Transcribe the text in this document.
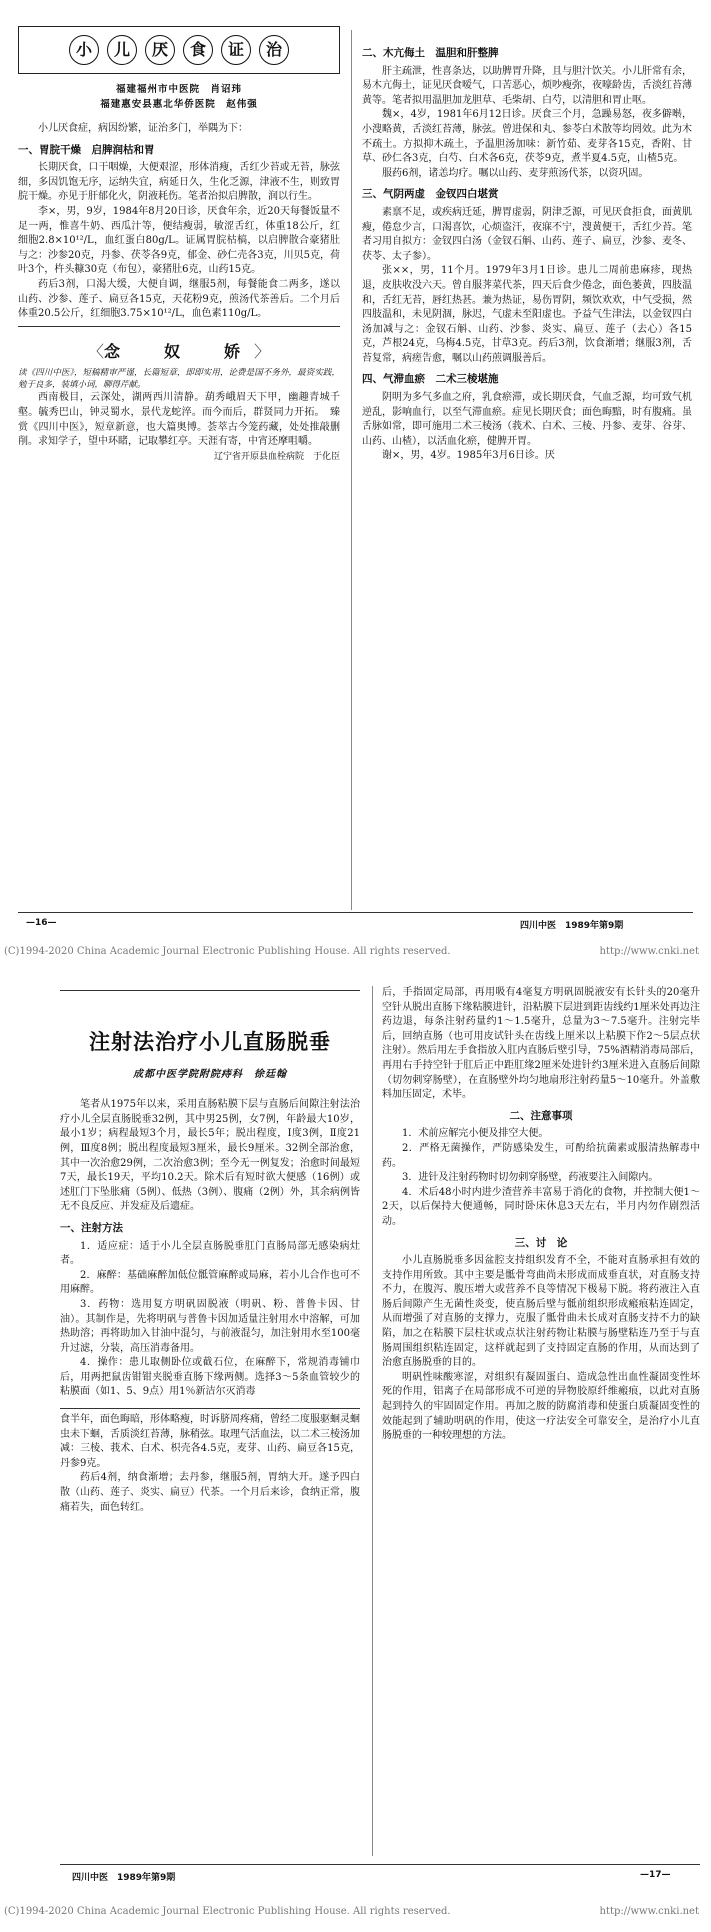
小 儿 厌 食 证 治
福建福州市中医院　肖诏玮
福建惠安县惠北华侨医院　赵伟强

小儿厌食症，病因纷繁，证治多门，举隅为下：

一、胃脘干燥　启脾润枯和胃

长期厌食，口干咽燥，大便艰涩，形体消瘦，舌红少苔或无苔，脉弦细，多因饥饱无序，运纳失宜，病延日久，生化乏源，津液不生，则致胃脘干燥。亦见于肝郁化火，阴液耗伤。笔者治拟启脾散，润以行生。

李×，男，9岁，1984年8月20日诊，厌食年余，近20天每餐饭量不足一两，惟喜牛奶、西瓜汁等，便结瘦弱，敏涩舌红，体重18公斤，红细胞2.8×10¹²/L，血红蛋白80g/L。证属胃脘枯槁，以启脾散合豪猪肚与之：沙参20克，丹参、茯苓各9克，郁金、砂仁壳各3克，川贝5克，荷叶3个，杵头糠30克（布包），豪猪肚6克，山药15克。

药后3剂，口渴大缓，大便自调，继服5剂，每餐能食二两多，遂以山药、沙参、莲子、扁豆各15克，天花粉9克，煎汤代茶善后。二个月后体重20.5公斤，红细胞3.75×10¹²/L，血色素110g/L。

〈念　奴　娇〉

读《四川中医》，短稿精审严谨，长篇短章，即即实用，论费是国不务外，最资实践，勉于良多，装填小词，聊得芹献。

西南极目，云深处，湖两西川清静。葫秀峨眉天下甲，幽趣青城千壑。毓秀巴山，钟灵蜀水，景代龙蛇淬。而今而后，群贤同力开拓。　臻赏《四川中医》，短章新意，也大篇奥博。荟萃古今笼药藏，处处推敲删削。求知学子，望中环睹，记取攀红亭。天涯有寄，中宵还摩咀嚼。

辽宁省开原县血栓病院　于化臣

二、木亢侮土　温胆和肝整脾

肝主疏泄，性喜条达，以助脾胃升降，且与胆汁饮关。小儿肝常有余，易木亢侮土，证见厌食嗳气，口苦恶心，烦吵瘦弥，夜嚎龄齿，舌淡红苔薄黄等。笔者拟用温胆加龙胆草、毛柴胡、白芍，以清胆和胃止呕。

魏×，4岁，1981年6月12日诊。厌食三个月，急躁易怒，夜多僻啭，小溲略黄，舌淡红苔薄，脉弦。曾进保和丸、参苓白术散等均罔效。此为木不疏土。方拟抑木疏土，予温胆汤加味：新竹茹、麦芽各15克，香附、甘草、砂仁各3克，白芍、白术各6克，茯苓9克，煮半夏4.5克，山楂5克。

服药6剂，诸恙均疗。嘱以山药、麦芽煎汤代茶，以资巩固。

三、气阴两虚　金钗四白堪赏

素禀不足，或疾病迁延，脾胃虚弱，阴津乏源，可见厌食拒食，面黄肌瘦，倦怠少言，口渴喜饮，心烦盗汗，夜寐不宁，溲黄便干，舌红少苔。笔者习用自拟方：金钗四白汤（金钗石斛、山药、莲子、扁豆，沙参、麦冬、茯苓、太子参）。

张××，男，11个月。1979年3月1日诊。患儿二周前患麻疹，现热退，皮肤收没六天。曾自服荠菜代茶，四天后食少倦念，面色萎黄，四肢温和，舌红无苔，唇红热甚。兼为热证，易伤胃阴，频饮欢欢，中气受损，然四肢温和，未见阴涸，脉迟，气虚未至阳虚也。予益气生津法，以金钗四白汤加减与之：金钗石斛、山药、沙参、炎实、扁豆、莲子（去心）各15克，芦根24克，乌梅4.5克，甘草3克。药后3剂，饮食渐增；继服3剂，舌苔复常，病瘥告愈，嘱以山药煎调服善后。

四、气滞血瘀　二术三棱堪施

阴明为多气多血之府，乳食瘀滞，或长期厌食，气血乏源，均可致气机逆乱，影响血行，以至气滞血瘀。症见长期厌食；面色晦黯，时有腹痛。虽舌脉如常，即可施用二术三棱汤（莪术、白术、三棱、丹参、麦芽、谷芽、山药、山楂），以活血化瘀，健脾开胃。

谢×，男，4岁。1985年3月6日诊。厌

—16—	四川中医　1989年第9期
(C)1994-2020 China Academic Journal Electronic Publishing House. All rights reserved.	http://www.cnki.net
注射法治疗小儿直肠脱垂
成都中医学院附院痔科　徐廷翰

笔者从1975年以来，采用直肠粘膜下层与直肠后间隙注射法治疗小儿全层直肠脱垂32例，其中男25例，女7例，年龄最大10岁，最小1岁；病程最短3个月，最长5年；脱出程度，Ⅰ度3例，Ⅱ度21例，Ⅲ度8例；脱出程度最短3厘米，最长9厘米。32例全部治愈，其中一次治愈29例，二次治愈3例；至今无一例复发；治愈时间最短7天，最长19天，平均10.2天。除术后有短时欲大便感（16例）或述肛门下坠胀痛（5例）、低热（3例）、腹痛（2例）外，其余病例皆无不良反应、并发症及后遗症。

一、注射方法

1．适应症：适于小儿全层直肠脱垂肛门直肠局部无感染病灶者。

2．麻醉：基础麻醉加低位骶管麻醉或局麻，若小儿合作也可不用麻醉。

3．药物：选用复方明矾固脱液（明矾、粉、普鲁卡因、甘油）。其制作是，先将明矾与普鲁卡因加适量注射用水中溶解，可加热助溶；再将助加入甘油中混匀，与前液混匀，加注射用水至100毫升过滤，分装，高压消毒备用。

4．操作：患儿取侧卧位或截石位，在麻醉下，常规消毒铺巾后，用两把鼠齿钳钳夹脱垂直肠下缘两侧。选择3～5条血管较少的粘膜面（如1、5、9点）用1％新洁尔灭消毒

食半年，面色晦暗，形体略瘦，时诉脐周疼痛，曾经二度服驱蛔灵蛔虫未下蛔，舌质淡红苔薄，脉稍弦。取理气活血法，以二术三棱汤加减：三棱、莪术、白术、枳壳各4.5克，麦芽、山药、扁豆各15克，丹参9克。

药后4剂，纳食渐增；去丹参，继服5剂，胃纳大开。遂予四白散（山药、莲子、炎实、扁豆）代茶。一个月后来诊，食纳正常，腹痛若失，面色转红。

后，手指固定局部，再用吸有4毫复方明矾固脱液安有长针头的20毫升空针从脱出直肠下缘粘膜进针，沿粘膜下层进到距齿线约1厘米处再边注药边退，每条注射药量约1～1.5毫升，总量为3～7.5毫升。注射完毕后，回纳直肠（也可用皮试针头在齿线上厘米以上粘膜下作2～5层点状注射）。然后用左手食指放入肛内直肠后壁引导，75%酒精消毒局部后，再用右手持空针于肛后正中距肛缘2厘米处进针约3厘米进入直肠后间隙（切勿刺穿肠壁），在直肠壁外均匀地扇形注射药量5～10毫升。外盖敷料加压固定，术毕。

二、注意事项

1．术前应解完小便及排空大便。

2．严格无菌操作，严防感染发生，可酌给抗菌素或服清热解毒中药。

3．进针及注射药物时切勿刺穿肠壁，药液要注入间隙内。

4．术后48小时内进少渣营养丰富易于消化的食物，并控制大便1～2天，以后保持大便通畅，同时卧床休息3天左右，半月内勿作剧烈活动。

三、讨　论

小儿直肠脱垂多因盆腔支持组织发育不全，不能对直肠承担有效的支持作用所致。其中主要是骶骨弯曲尚未形成而成垂直状，对直肠支持不力，在腹泻、腹压增大或营养不良等情况下极易下脱。将药液注入直肠后间隙产生无菌性炎变，使直肠后壁与骶前组织形成瘢痕粘连固定，从而增强了对直肠的支撑力，克服了骶骨曲未长成对直肠支持不力的缺陷，加之在粘膜下层柱状或点状注射药物让粘膜与肠壁粘连乃至于与直肠周围组织粘连固定，这样就起到了支持固定直肠的作用，从而达到了治愈直肠脱垂的目的。

明矾性味酸寒涩，对组织有凝固蛋白、造成急性出血性凝固变性坏死的作用，铝离子在局部形成不可逆的异物胶原纤维瘢痕，以此对直肠起到持久的牢固固定作用。再加之胺的防腐消毒和使蛋白质凝固变性的效能起到了辅助明矾的作用，使这一疗法安全可靠安全，是治疗小儿直肠脱垂的一种较理想的方法。

四川中医　1989年第9期	—17—
(C)1994-2020 China Academic Journal Electronic Publishing House. All rights reserved.	http://www.cnki.net
